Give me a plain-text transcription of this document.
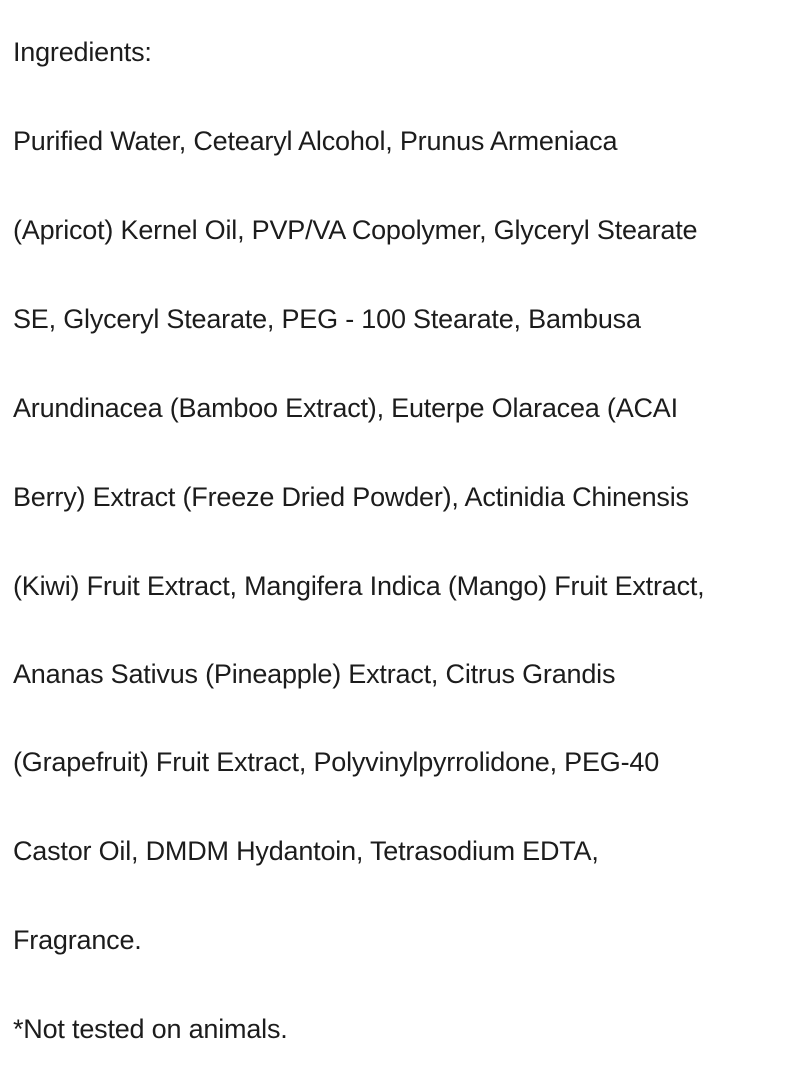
Ingredients:

Purified Water, Cetearyl Alcohol, Prunus Armeniaca

(Apricot) Kernel Oil, PVP/VA Copolymer, Glyceryl Stearate

SE, Glyceryl Stearate, PEG - 100 Stearate, Bambusa

Arundinacea (Bamboo Extract), Euterpe Olaracea (ACAI

Berry) Extract (Freeze Dried Powder), Actinidia Chinensis

(Kiwi) Fruit Extract, Mangifera Indica (Mango) Fruit Extract,

Ananas Sativus (Pineapple) Extract, Citrus Grandis

(Grapefruit) Fruit Extract, Polyvinylpyrrolidone, PEG-40

Castor Oil, DMDM Hydantoin, Tetrasodium EDTA,

Fragrance.

*Not tested on animals.
